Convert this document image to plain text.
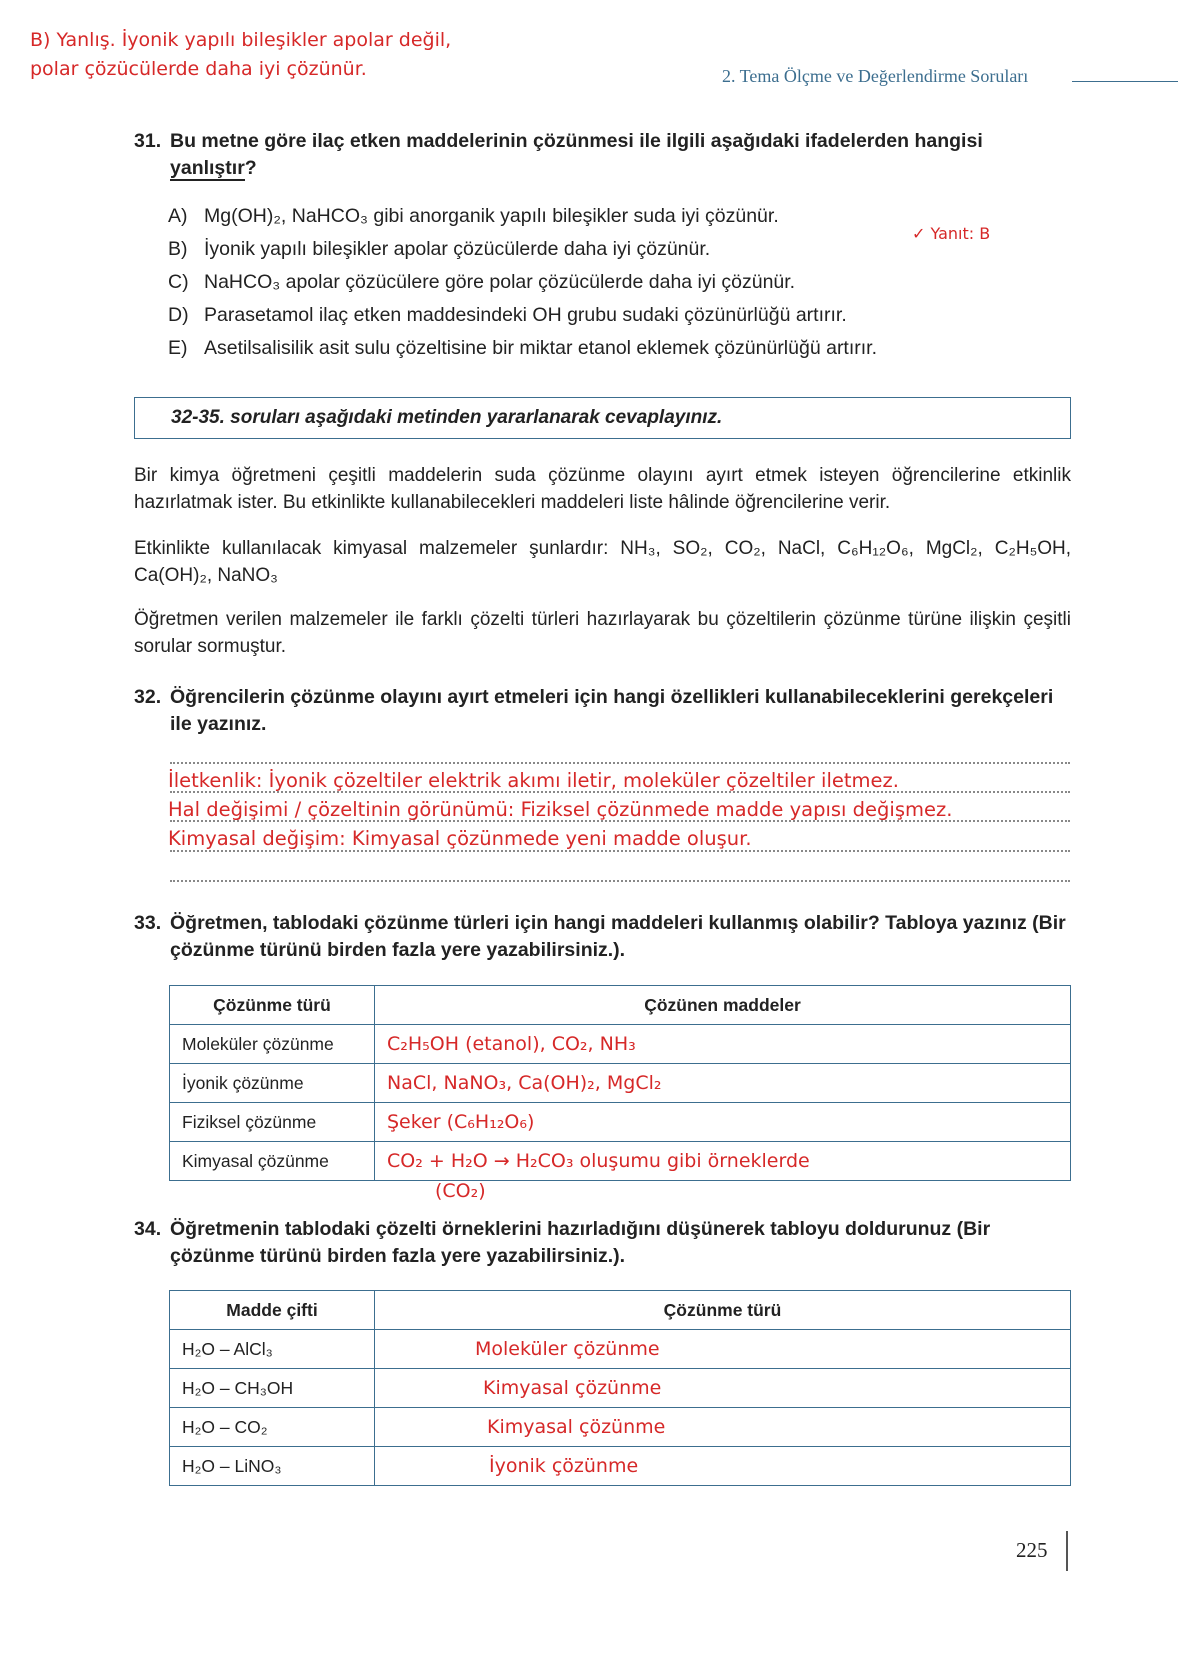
B) Yanlış. İyonik yapılı bileşikler apolar değil,
polar çözücülerde daha iyi çözünür.	2. Tema Ölçme ve Değerlendirme Soruları
31. Bu metne göre ilaç etken maddelerinin çözünmesi ile ilgili aşağıdaki ifadelerden hangisi
yanlıştır?
A) Mg(OH)₂, NaHCO₃ gibi anorganik yapılı bileşikler suda iyi çözünür.
B) İyonik yapılı bileşikler apolar çözücülerde daha iyi çözünür.
C) NaHCO₃ apolar çözücülere göre polar çözücülerde daha iyi çözünür.
D) Parasetamol ilaç etken maddesindeki OH grubu sudaki çözünürlüğü artırır.
E) Asetilsalisilik asit sulu çözeltisine bir miktar etanol eklemek çözünürlüğü artırır.
✓ Yanıt: B
32-35. soruları aşağıdaki metinden yararlanarak cevaplayınız.
Bir kimya öğretmeni çeşitli maddelerin suda çözünme olayını ayırt etmek isteyen öğrencilerine etkinlik hazırlatmak ister. Bu etkinlikte kullanabilecekleri maddeleri liste hâlinde öğrencilerine verir.
Etkinlikte kullanılacak kimyasal malzemeler şunlardır: NH₃, SO₂, CO₂, NaCl, C₆H₁₂O₆, MgCl₂, C₂H₅OH, Ca(OH)₂, NaNO₃
Öğretmen verilen malzemeler ile farklı çözelti türleri hazırlayarak bu çözeltilerin çözünme türüne ilişkin çeşitli sorular sormuştur.
32. Öğrencilerin çözünme olayını ayırt etmeleri için hangi özellikleri kullanabileceklerini gerekçeleri ile yazınız.
İletkenlik: İyonik çözeltiler elektrik akımı iletir, moleküler çözeltiler iletmez.
Hal değişimi / çözeltinin görünümü: Fiziksel çözünmede madde yapısı değişmez.
Kimyasal değişim: Kimyasal çözünmede yeni madde oluşur.
33. Öğretmen, tablodaki çözünme türleri için hangi maddeleri kullanmış olabilir? Tabloya yazınız (Bir çözünme türünü birden fazla yere yazabilirsiniz.).
Çözünme türü	Çözünen maddeler
Moleküler çözünme	C₂H₅OH (etanol), CO₂, NH₃
İyonik çözünme	NaCl, NaNO₃, Ca(OH)₂, MgCl₂
Fiziksel çözünme	Şeker (C₆H₁₂O₆)
Kimyasal çözünme	CO₂ + H₂O → H₂CO₃ oluşumu gibi örneklerde
(CO₂)
34. Öğretmenin tablodaki çözelti örneklerini hazırladığını düşünerek tabloyu doldurunuz (Bir çözünme türünü birden fazla yere yazabilirsiniz.).
Madde çifti	Çözünme türü
H₂O – AlCl₃	Moleküler çözünme
H₂O – CH₃OH	Kimyasal çözünme
H₂O – CO₂	Kimyasal çözünme
H₂O – LiNO₃	İyonik çözünme
225
